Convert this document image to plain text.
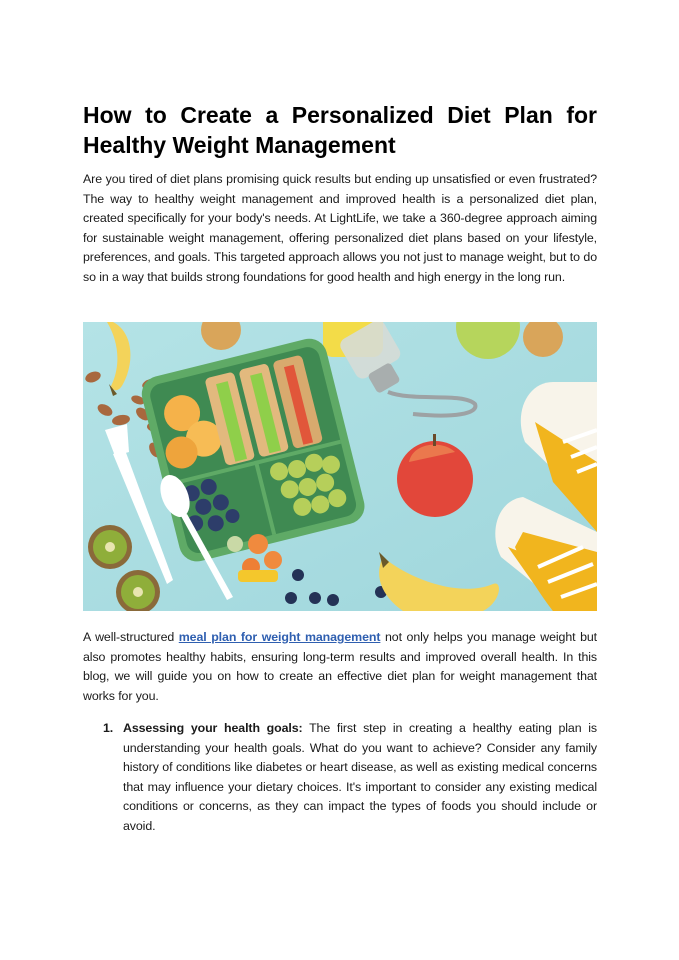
How to Create a Personalized Diet Plan for
Healthy Weight Management

Are you tired of diet plans promising quick results but ending up unsatisfied or even frustrated? The way to healthy weight management and improved health is a personalized diet plan, created specifically for your body's needs. At LightLife, we take a 360-degree approach aiming for sustainable weight management, offering personalized diet plans based on your lifestyle, preferences, and goals. This targeted approach allows you not just to manage weight, but to do so in a way that builds strong foundations for good health and high energy in the long run.

A well-structured meal plan for weight management not only helps you manage weight but also promotes healthy habits, ensuring long-term results and improved overall health. In this blog, we will guide you on how to create an effective diet plan for weight management that works for you.

1. Assessing your health goals: The first step in creating a healthy eating plan is understanding your health goals. What do you want to achieve? Consider any family history of conditions like diabetes or heart disease, as well as existing medical concerns that may influence your dietary choices. It's important to consider any existing medical conditions or concerns, as they can impact the types of foods you should include or avoid.
